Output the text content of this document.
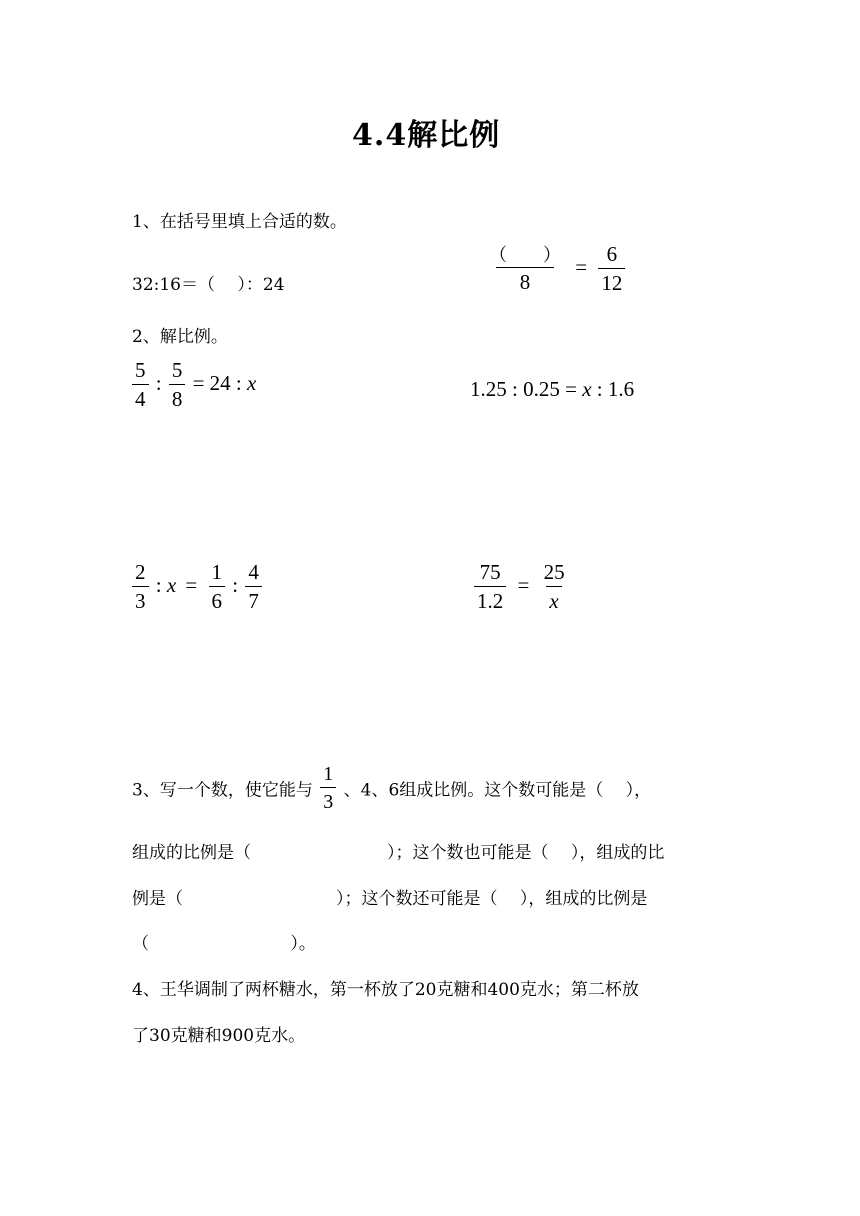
4.4解比例
1、在括号里填上合适的数。
32:16＝（　 ）：24	$\frac{( )}{8} = \frac{6}{12}$
2、解比例。
$\frac{5}{4}$ : $\frac{5}{8} = 24$ : x	1.25 : 0.25 = x : 1.6
$\frac{2}{3}$ : $x = \frac{1}{6}$ : $\frac{4}{7}$	$\frac{75}{1.2} = \frac{25}{x}$
3、写一个数，使它能与 $\frac{1}{3}$ 、4、6组成比例。这个数可能是（　 ），
组成的比例是（　　　　　　　　）；这个数也可能是（　 ），组成的比
例是（　　　　　　　　　）；这个数还可能是（　 ），组成的比例是
（　　　　　　　　 ）。
4、王华调制了两杯糖水，第一杯放了20克糖和400克水；第二杯放
了30克糖和900克水。
